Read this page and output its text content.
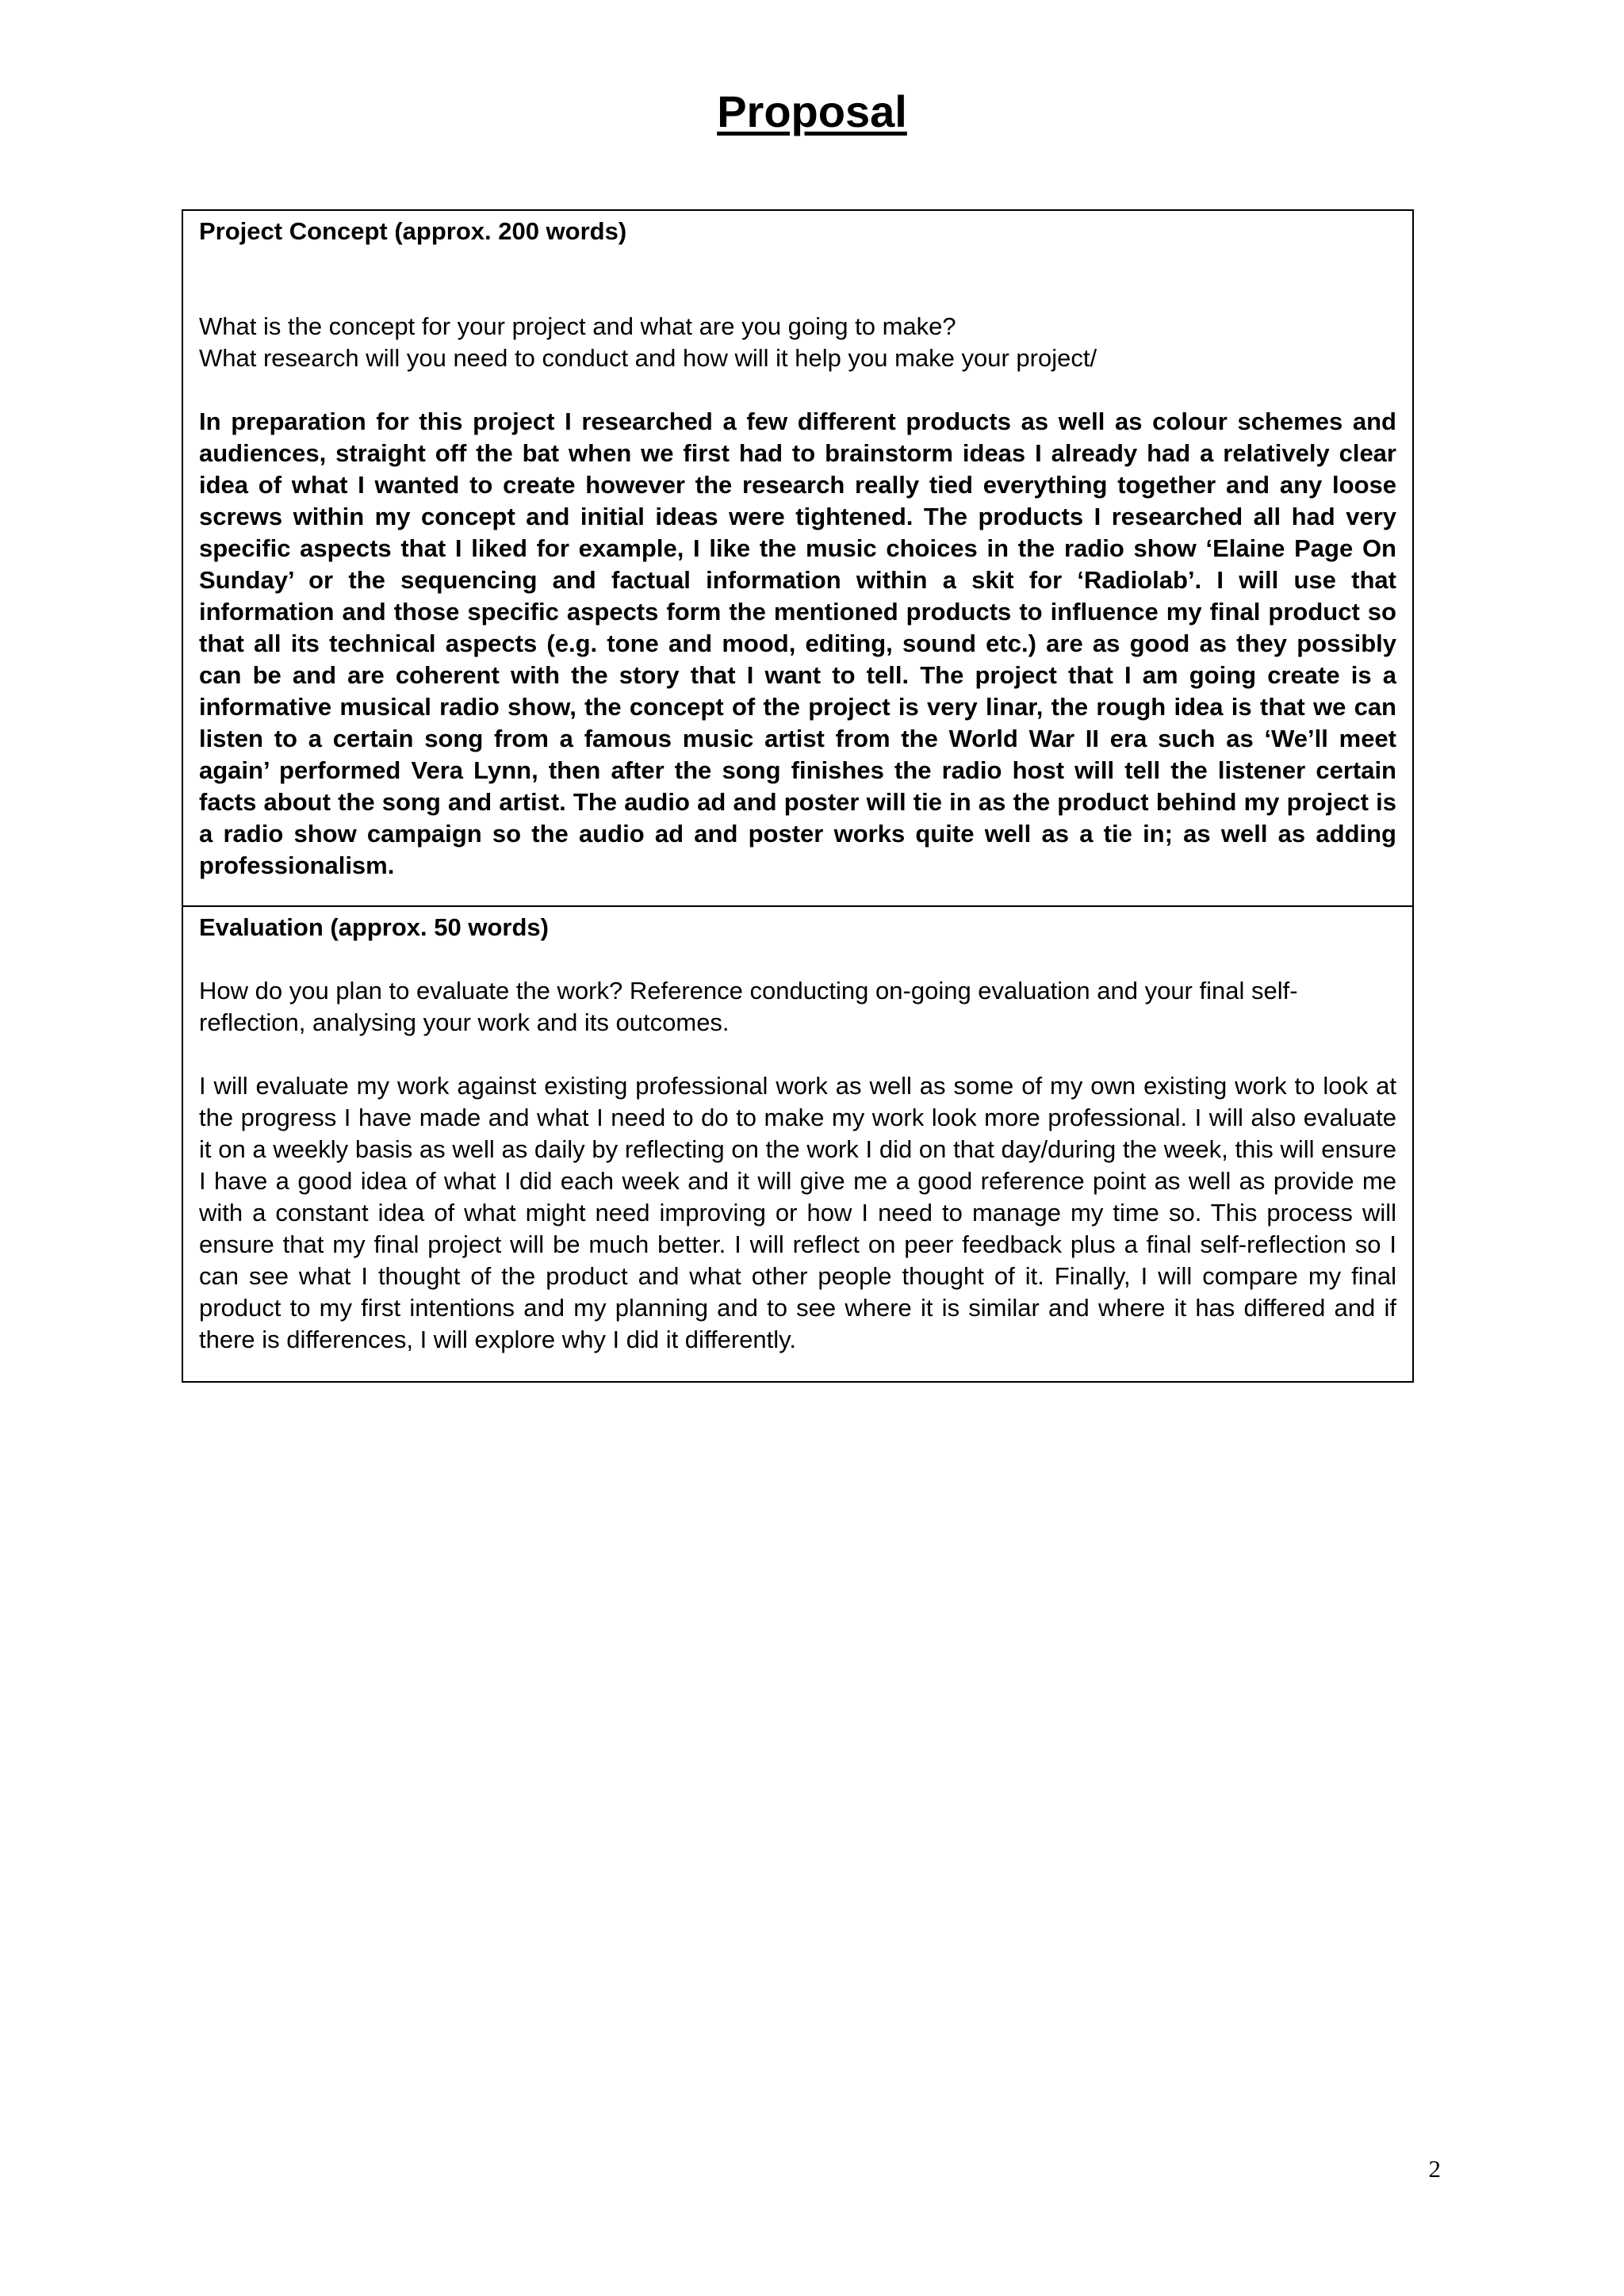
Proposal

Project Concept (approx. 200 words)

What is the concept for your project and what are you going to make?

What research will you need to conduct and how will it help you make your project/

In preparation for this project I researched a few different products as well as colour schemes and audiences, straight off the bat when we first had to brainstorm ideas I already had a relatively clear idea of what I wanted to create however the research really tied everything together and any loose screws within my concept and initial ideas were tightened. The products I researched all had very specific aspects that I liked for example, I like the music choices in the radio show ‘Elaine Page On Sunday’ or the sequencing and factual information within a skit for ‘Radiolab’. I will use that information and those specific aspects form the mentioned products to influence my final product so that all its technical aspects (e.g. tone and mood, editing, sound etc.) are as good as they possibly can be and are coherent with the story that I want to tell. The project that I am going create is a informative musical radio show, the concept of the project is very linar, the rough idea is that we can listen to a certain song from a famous music artist from the World War II era such as ‘We’ll meet again’ performed Vera Lynn, then after the song finishes the radio host will tell the listener certain facts about the song and artist. The audio ad and poster will tie in as the product behind my project is a radio show campaign so the audio ad and poster works quite well as a tie in; as well as adding professionalism.

Evaluation (approx. 50 words)

How do you plan to evaluate the work? Reference conducting on-going evaluation and your final self-reflection, analysing your work and its outcomes.

I will evaluate my work against existing professional work as well as some of my own existing work to look at the progress I have made and what I need to do to make my work look more professional. I will also evaluate it on a weekly basis as well as daily by reflecting on the work I did on that day/during the week, this will ensure I have a good idea of what I did each week and it will give me a good reference point as well as provide me with a constant idea of what might need improving or how I need to manage my time so. This process will ensure that my final project will be much better. I will reflect on peer feedback plus a final self-reflection so I can see what I thought of the product and what other people thought of it. Finally, I will compare my final product to my first intentions and my planning and to see where it is similar and where it has differed and if there is differences, I will explore why I did it differently.

2
